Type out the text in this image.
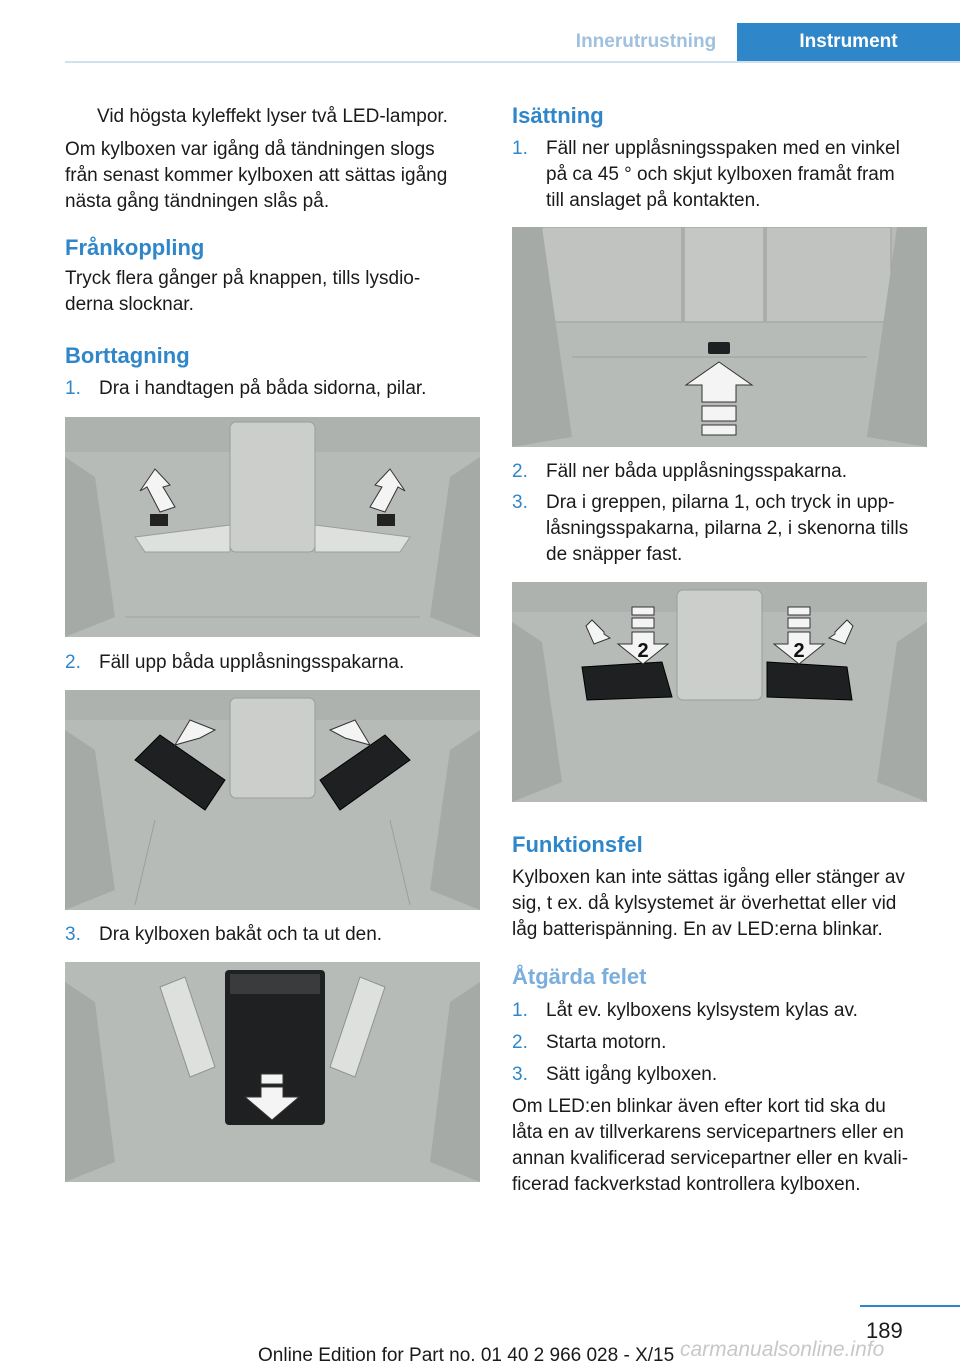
Innerutrustning	Instrument
Vid högsta kyleffekt lyser två LED-lampor.
Om kylboxen var igång då tändningen slogs
från senast kommer kylboxen att sättas igång
nästa gång tändningen slås på.
Frånkoppling
Tryck flera gånger på knappen, tills lysdio-
derna slocknar.
Borttagning
1. Dra i handtagen på båda sidorna, pilar.
2. Fäll upp båda upplåsningsspakarna.
3. Dra kylboxen bakåt och ta ut den.
Isättning
1. Fäll ner upplåsningsspaken med en vinkel
på ca 45 ° och skjut kylboxen framåt fram
till anslaget på kontakten.
2. Fäll ner båda upplåsningsspakarna.
3. Dra i greppen, pilarna 1, och tryck in upp-
låsningsspakarna, pilarna 2, i skenorna tills
de snäpper fast.
2	2
Funktionsfel
Kylboxen kan inte sättas igång eller stänger av
sig, t ex. då kylsystemet är överhettat eller vid
låg batterispänning. En av LED:erna blinkar.
Åtgärda felet
1. Låt ev. kylboxens kylsystem kylas av.
2. Starta motorn.
3. Sätt igång kylboxen.
Om LED:en blinkar även efter kort tid ska du
låta en av tillverkarens servicepartners eller en
annan kvalificerad servicepartner eller en kvali-
ficerad fackverkstad kontrollera kylboxen.
189
Online Edition for Part no. 01 40 2 966 028 - X/15 carmanualsonline.info
